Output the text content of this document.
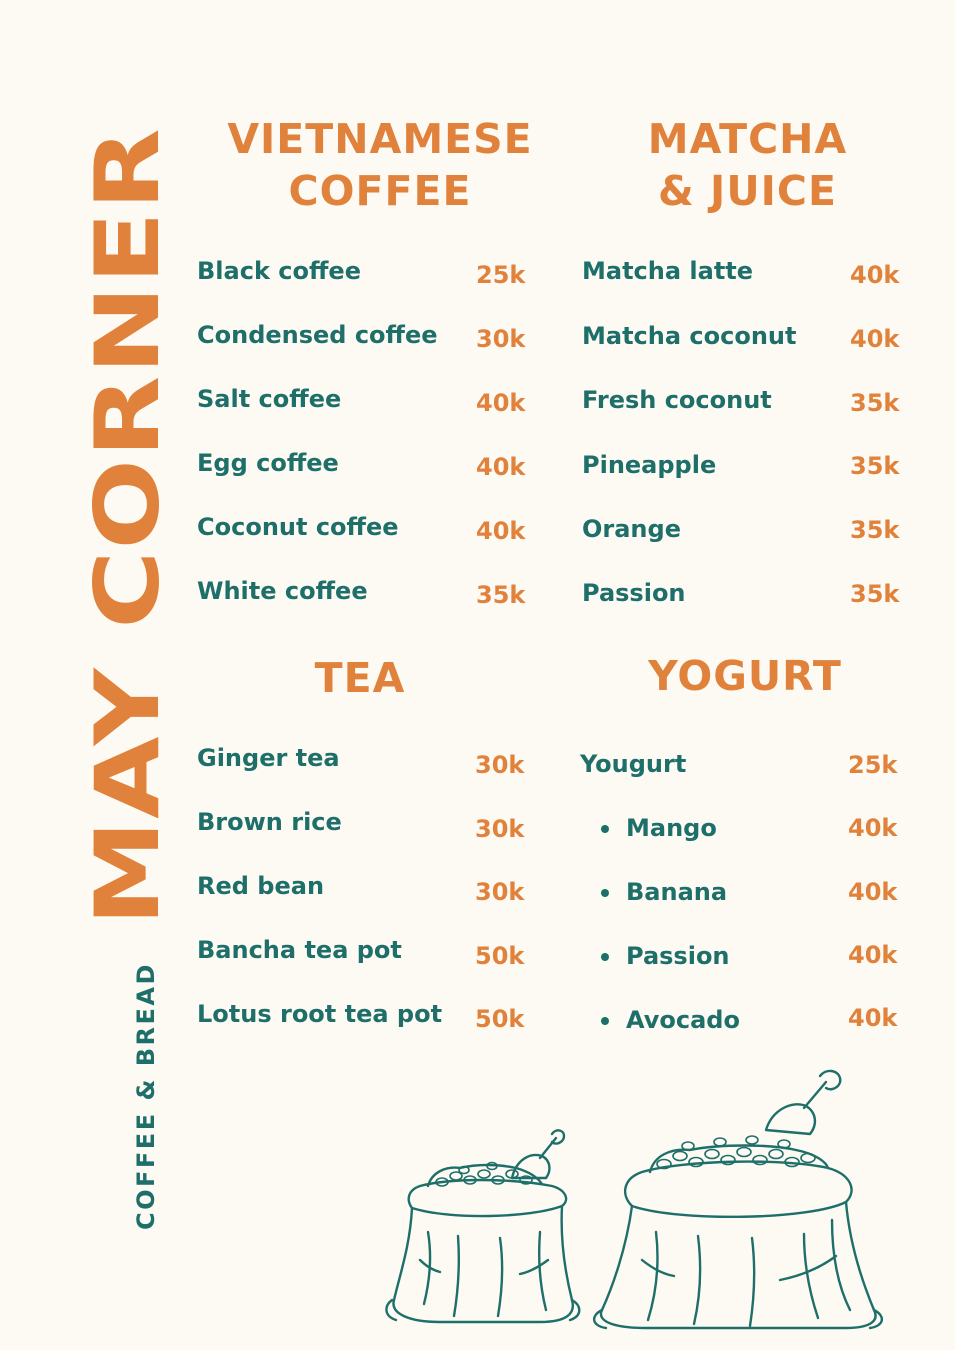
COFFEE & BREAD
MAY CORNER	VIETNAMESE
COFFEE
MATCHA
& JUICE
TEA	YOGURT
Black coffee	25k
Condensed coffee 30k
Salt coffee	40k
Egg coffee	40k
Coconut coffee	40k
White coffee	35k
Matcha latte	40k
Matcha coconut 40k
Fresh coconut	35k
Pineapple	35k
Orange	35k
Passion	35k
Ginger tea	30k
Brown rice	30k
Red bean	30k
Bancha tea pot	50k
Lotus root tea pot 50k
Yougurt	25k
Mango	40k
Banana	40k
Passion	40k
Avocado	40k
